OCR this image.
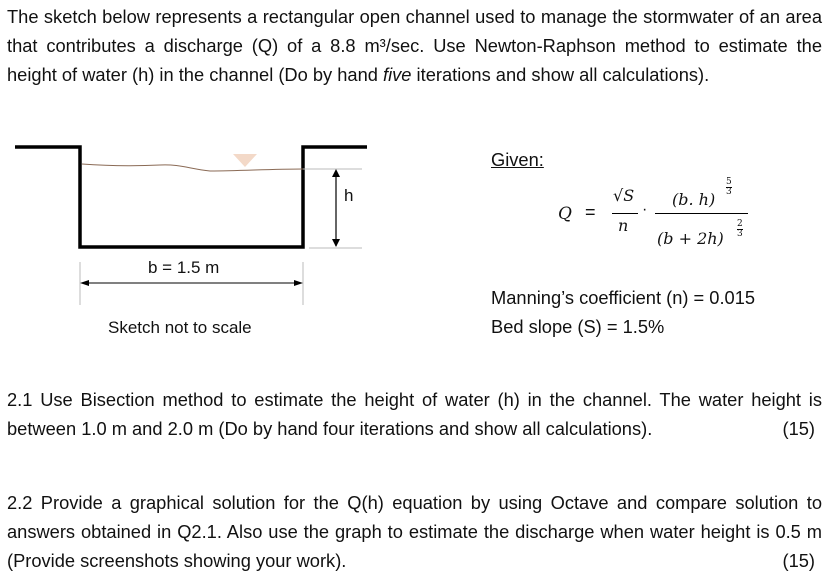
The sketch below represents a rectangular open channel used to manage the stormwater of an area that contributes a discharge (Q) of a 8.8 m³/sec. Use Newton-Raphson method to estimate the height of water (h) in the channel (Do by hand five iterations and show all calculations).
h
b = 1.5 m
Sketch not to scale
Given:
Q =
√S
n
·
(b. h)
5
3
(b + 2h)
2
3
Manning’s coefficient (n) = 0.015
Bed slope (S) = 1.5%
2.1 Use Bisection method to estimate the height of water (h) in the channel. The water height is between 1.0 m and 2.0 m (Do by hand four iterations and show all calculations).	(15)
2.2 Provide a graphical solution for the Q(h) equation by using Octave and compare solution to answers obtained in Q2.1. Also use the graph to estimate the discharge when water height is 0.5 m (Provide screenshots showing your work).	(15)
